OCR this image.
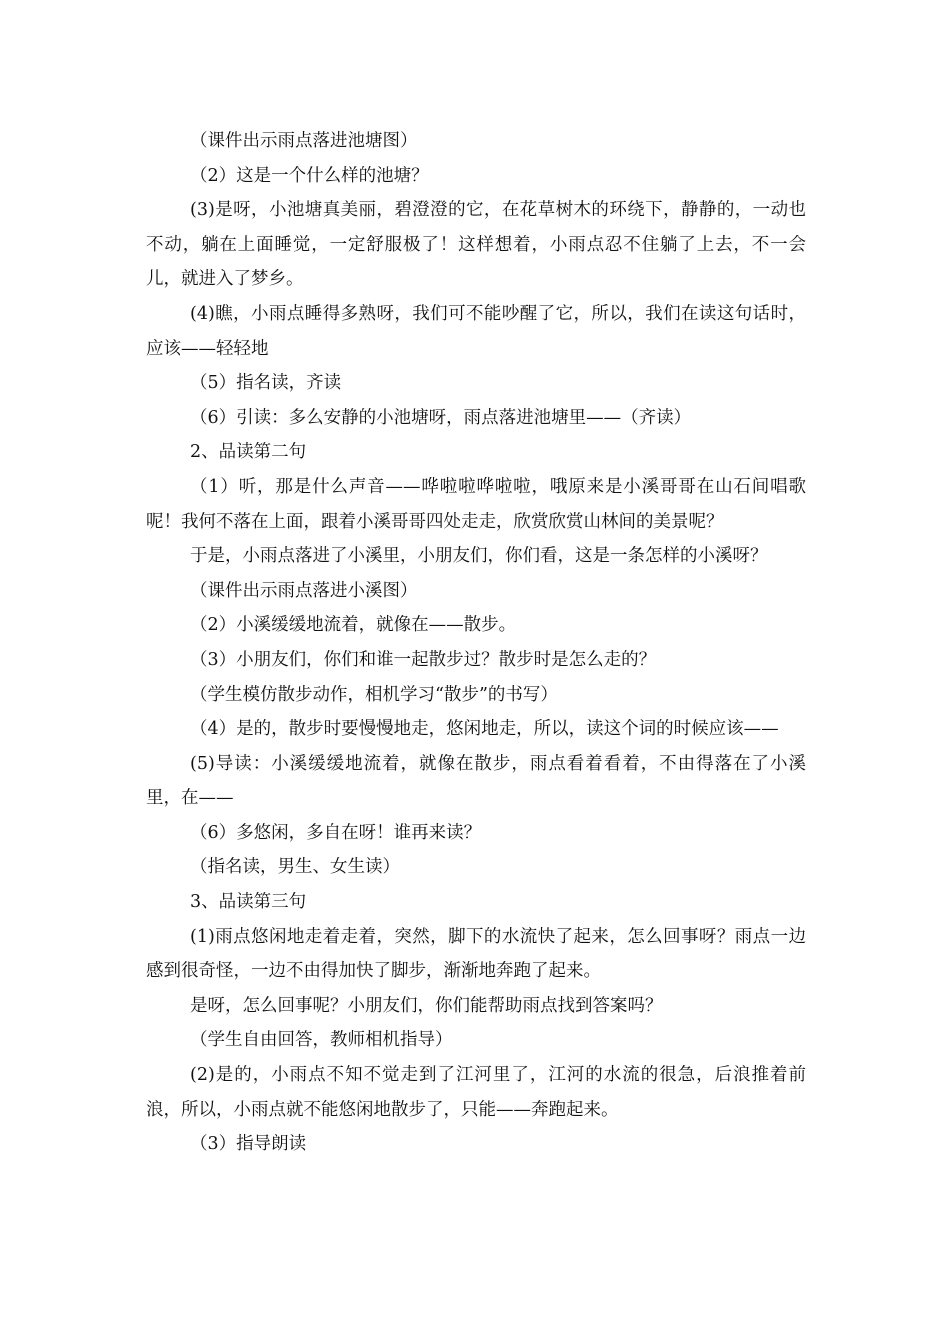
（课件出示雨点落进池塘图）

（2）这是一个什么样的池塘？

(3)是呀，小池塘真美丽，碧澄澄的它，在花草树木的环绕下，静静的，一动也不动，躺在上面睡觉，一定舒服极了！这样想着，小雨点忍不住躺了上去，不一会儿，就进入了梦乡。

(4)瞧，小雨点睡得多熟呀，我们可不能吵醒了它，所以，我们在读这句话时，应该——轻轻地

（5）指名读，齐读

（6）引读：多么安静的小池塘呀，雨点落进池塘里——（齐读）

2、品读第二句

（1）听，那是什么声音——哗啦啦哗啦啦，哦原来是小溪哥哥在山石间唱歌呢！我何不落在上面，跟着小溪哥哥四处走走，欣赏欣赏山林间的美景呢？

于是，小雨点落进了小溪里，小朋友们，你们看，这是一条怎样的小溪呀？

（课件出示雨点落进小溪图）

（2）小溪缓缓地流着，就像在——散步。

（3）小朋友们，你们和谁一起散步过？散步时是怎么走的？

（学生模仿散步动作，相机学习“散步”的书写）

（4）是的，散步时要慢慢地走，悠闲地走，所以，读这个词的时候应该——

(5)导读：小溪缓缓地流着，就像在散步，雨点看着看着，不由得落在了小溪里，在——

（6）多悠闲，多自在呀！谁再来读？

（指名读，男生、女生读）

3、品读第三句

(1)雨点悠闲地走着走着，突然，脚下的水流快了起来，怎么回事呀？雨点一边感到很奇怪，一边不由得加快了脚步，渐渐地奔跑了起来。

是呀，怎么回事呢？小朋友们，你们能帮助雨点找到答案吗？

（学生自由回答，教师相机指导）

(2)是的，小雨点不知不觉走到了江河里了，江河的水流的很急，后浪推着前浪，所以，小雨点就不能悠闲地散步了，只能——奔跑起来。

（3）指导朗读
